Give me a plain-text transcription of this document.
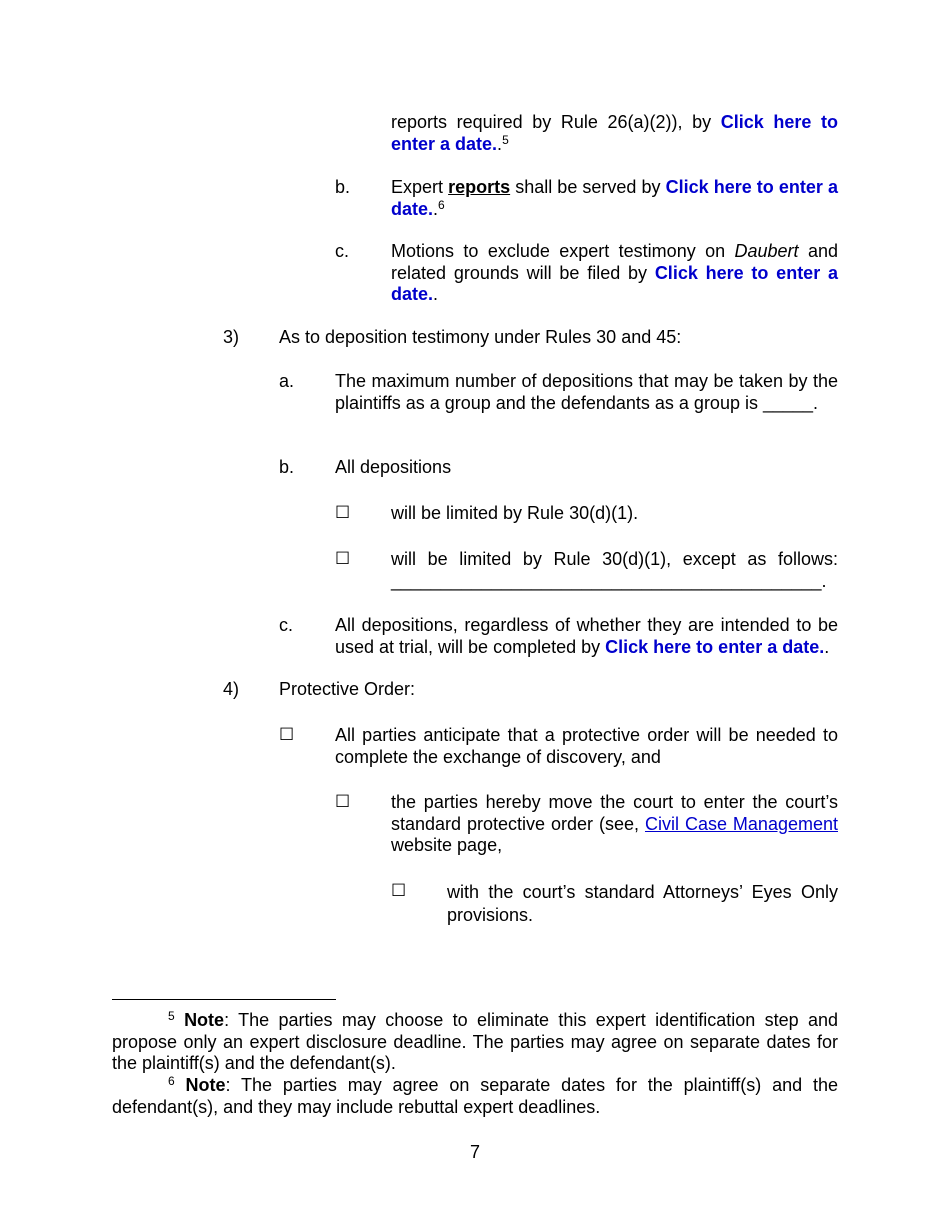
reports required by Rule 26(a)(2)), by Click here to enter a date..$^5$
b. Expert reports shall be served by Click here to enter a date..$^6$
c. Motions to exclude expert testimony on Daubert and related grounds will be filed by Click here to enter a date..
3) As to deposition testimony under Rules 30 and 45:
a. The maximum number of depositions that may be taken by the plaintiffs as a group and the defendants as a group is _____.
b. All depositions
☐ will be limited by Rule 30(d)(1).
☐ will be limited by Rule 30(d)(1), except as follows: ___________________________________________.
c. All depositions, regardless of whether they are intended to be used at trial, will be completed by Click here to enter a date..
4) Protective Order:
☐ All parties anticipate that a protective order will be needed to complete the exchange of discovery, and
☐ the parties hereby move the court to enter the court’s standard protective order (see, Civil Case Management website page,
☐ with the court’s standard Attorneys’ Eyes Only provisions.
$^5$ Note: The parties may choose to eliminate this expert identification step and propose only an expert disclosure deadline. The parties may agree on separate dates for the plaintiff(s) and the defendant(s).
$^6$ Note: The parties may agree on separate dates for the plaintiff(s) and the defendant(s), and they may include rebuttal expert deadlines.
7
